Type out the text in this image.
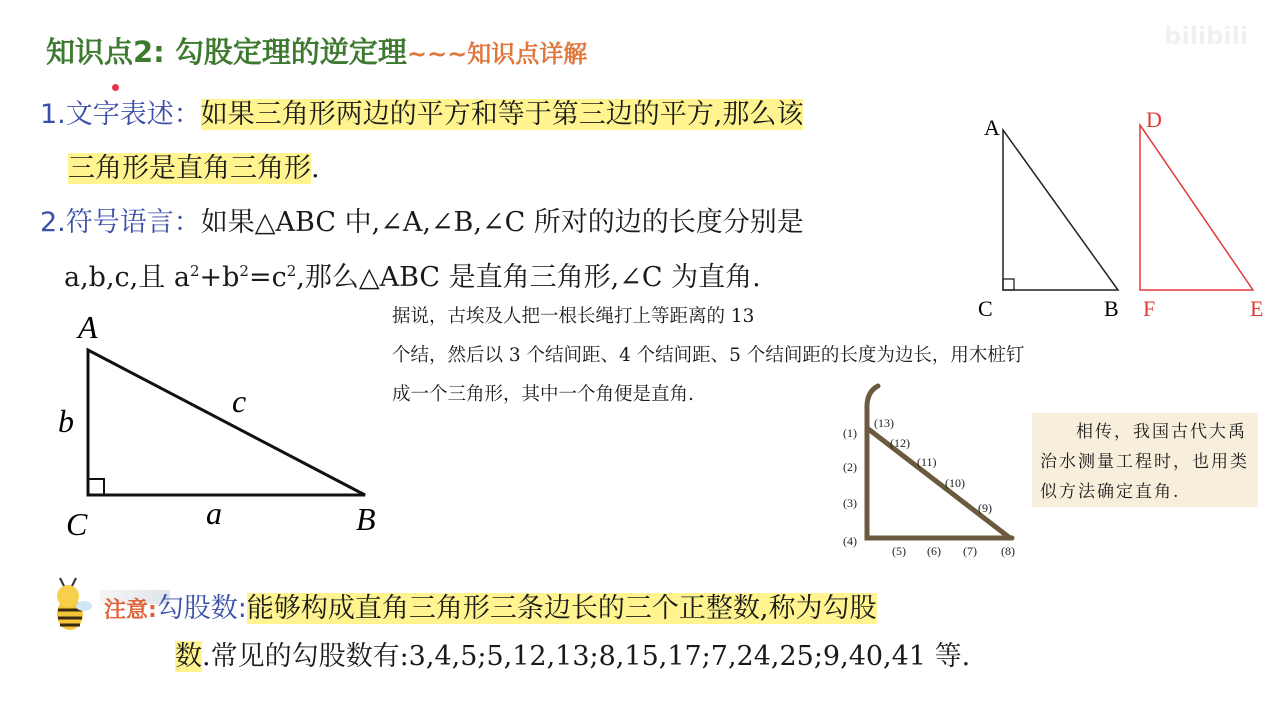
知识点2: 勾股定理的逆定理~~~知识点详解
bilibili
1.文字表述：如果三角形两边的平方和等于第三边的平方,那么该
三角形是直角三角形.
2.符号语言：如果△ABC 中,∠A,∠B,∠C 所对的边的长度分别是
a,b,c,且 $a^2+b^2=c^2$,那么△ABC 是直角三角形,∠C 为直角.
A
C	B
a
b
c
A
C	B
D
F	E
(1)
(2)
(3)
(4)
(5) (6) (7) (8)
(9)
(10)
(11)
(12)
(13)
据说，古埃及人把一根长绳打上等距离的 13
个结，然后以 3 个结间距、4 个结间距、5 个结间距的长度为边长，用木桩钉
成一个三角形，其中一个角便是直角.
相传，我国古代大禹治水测量工程时，也用类似方法确定直角.
注意:勾股数:能够构成直角三角形三条边长的三个正整数,称为勾股
数.常见的勾股数有:3,4,5;5,12,13;8,15,17;7,24,25;9,40,41 等.
